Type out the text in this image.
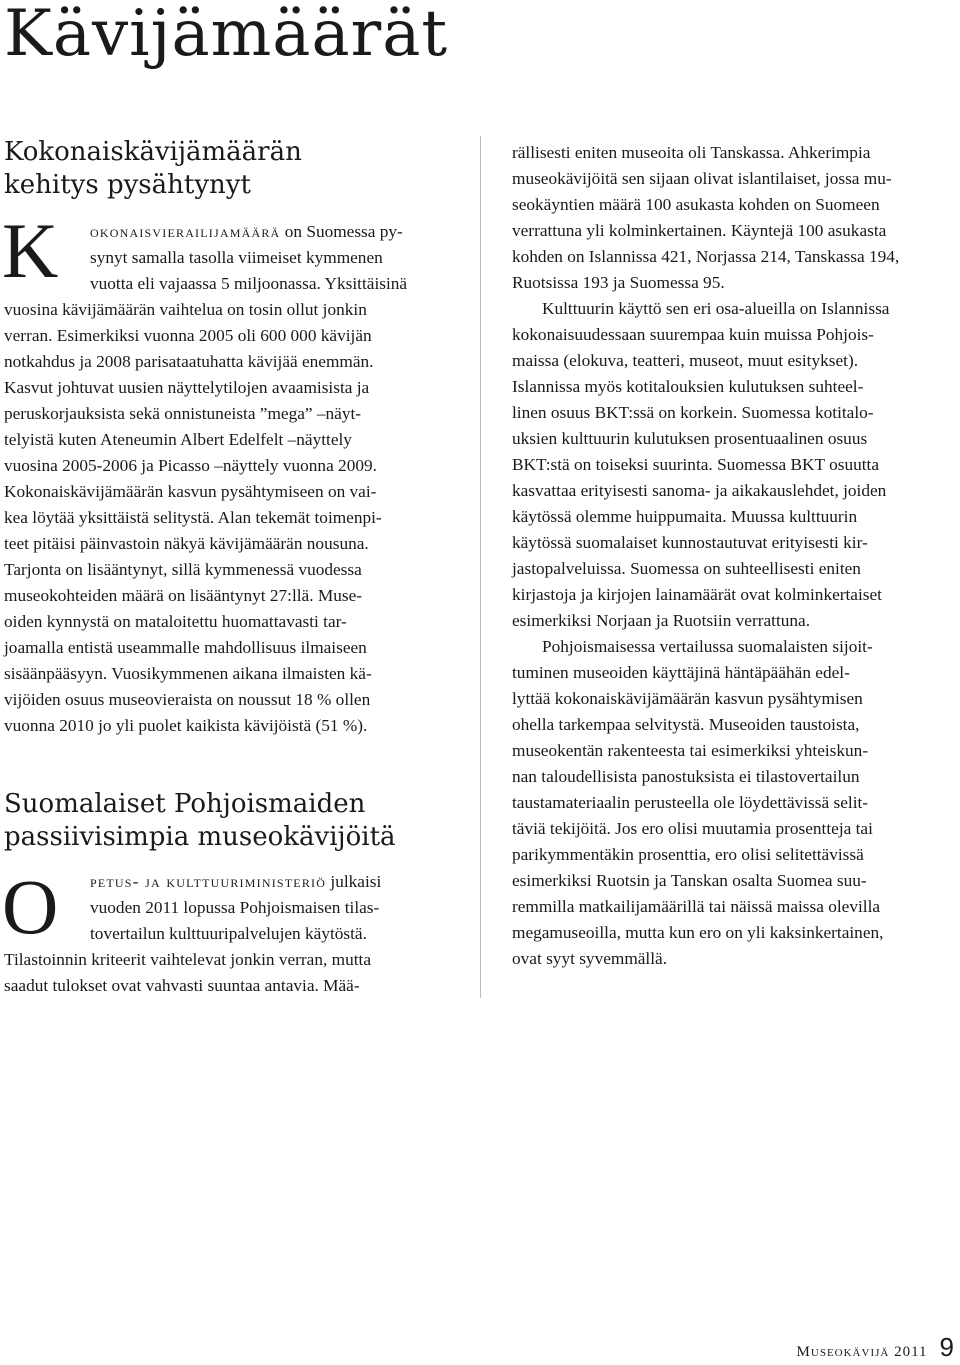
Kävijämäärät
Kokonaiskävijämäärän
kehitys pysähtynyt
K	okonaisvierailijamäärä on Suomessa py-
synyt samalla tasolla viimeiset kymmenen
vuotta eli vajaassa 5 miljoonassa. Yksittäisinä
vuosina kävijämäärän vaihtelua on tosin ollut jonkin
verran. Esimerkiksi vuonna 2005 oli 600 000 kävijän
notkahdus ja 2008 parisataatuhatta kävijää enemmän.
Kasvut johtuvat uusien näyttelytilojen avaamisista ja
peruskorjauksista sekä onnistuneista ”mega” –näyt-
telyistä kuten Ateneumin Albert Edelfelt –näyttely
vuosina 2005-2006 ja Picasso –näyttely vuonna 2009.
Kokonaiskävijämäärän kasvun pysähtymiseen on vai-
kea löytää yksittäistä selitystä. Alan tekemät toimenpi-
teet pitäisi päinvastoin näkyä kävijämäärän nousuna.
Tarjonta on lisääntynyt, sillä kymmenessä vuodessa
museokohteiden määrä on lisääntynyt 27:llä. Muse-
oiden kynnystä on mataloitettu huomattavasti tar-
joamalla entistä useammalle mahdollisuus ilmaiseen
sisäänpääsyyn. Vuosikymmenen aikana ilmaisten kä-
vijöiden osuus museovieraista on noussut 18 % ollen
vuonna 2010 jo yli puolet kaikista kävijöistä (51 %).
Suomalaiset Pohjoismaiden
passiivisimpia museokävijöitä
O	petus- ja kulttuuriministeriö julkaisi
vuoden 2011 lopussa Pohjoismaisen tilas-
tovertailun kulttuuripalvelujen käytöstä.
Tilastoinnin kriteerit vaihtelevat jonkin verran, mutta
saadut tulokset ovat vahvasti suuntaa antavia. Mää-

rällisesti eniten museoita oli Tanskassa. Ahkerimpia
museokävijöitä sen sijaan olivat islantilaiset, jossa mu-
seokäyntien määrä 100 asukasta kohden on Suomeen
verrattuna yli kolminkertainen. Käyntejä 100 asukasta
kohden on Islannissa 421, Norjassa 214, Tanskassa 194,
Ruotsissa 193 ja Suomessa 95.

Kulttuurin käyttö sen eri osa-alueilla on Islannissa
kokonaisuudessaan suurempaa kuin muissa Pohjois-
maissa (elokuva, teatteri, museot, muut esitykset).
Islannissa myös kotitalouksien kulutuksen suhteel-
linen osuus BKT:ssä on korkein. Suomessa kotitalo-
uksien kulttuurin kulutuksen prosentuaalinen osuus
BKT:stä on toiseksi suurinta. Suomessa BKT osuutta
kasvattaa erityisesti sanoma- ja aikakauslehdet, joiden
käytössä olemme huippumaita. Muussa kulttuurin
käytössä suomalaiset kunnostautuvat erityisesti kir-
jastopalveluissa. Suomessa on suhteellisesti eniten
kirjastoja ja kirjojen lainamäärät ovat kolminkertaiset
esimerkiksi Norjaan ja Ruotsiin verrattuna.

Pohjoismaisessa vertailussa suomalaisten sijoit-
tuminen museoiden käyttäjinä häntäpäähän edel-
lyttää kokonaiskävijämäärän kasvun pysähtymisen
ohella tarkempaa selvitystä. Museoiden taustoista,
museokentän rakenteesta tai esimerkiksi yhteiskun-
nan taloudellisista panostuksista ei tilastovertailun
taustamateriaalin perusteella ole löydettävissä selit-
täviä tekijöitä. Jos ero olisi muutamia prosentteja tai
parikymmentäkin prosenttia, ero olisi selitettävissä
esimerkiksi Ruotsin ja Tanskan osalta Suomea suu-
remmilla matkailijamäärillä tai näissä maissa olevilla
megamuseoilla, mutta kun ero on yli kaksinkertainen,
ovat syyt syvemmällä.

Museokävijä 2011 9
